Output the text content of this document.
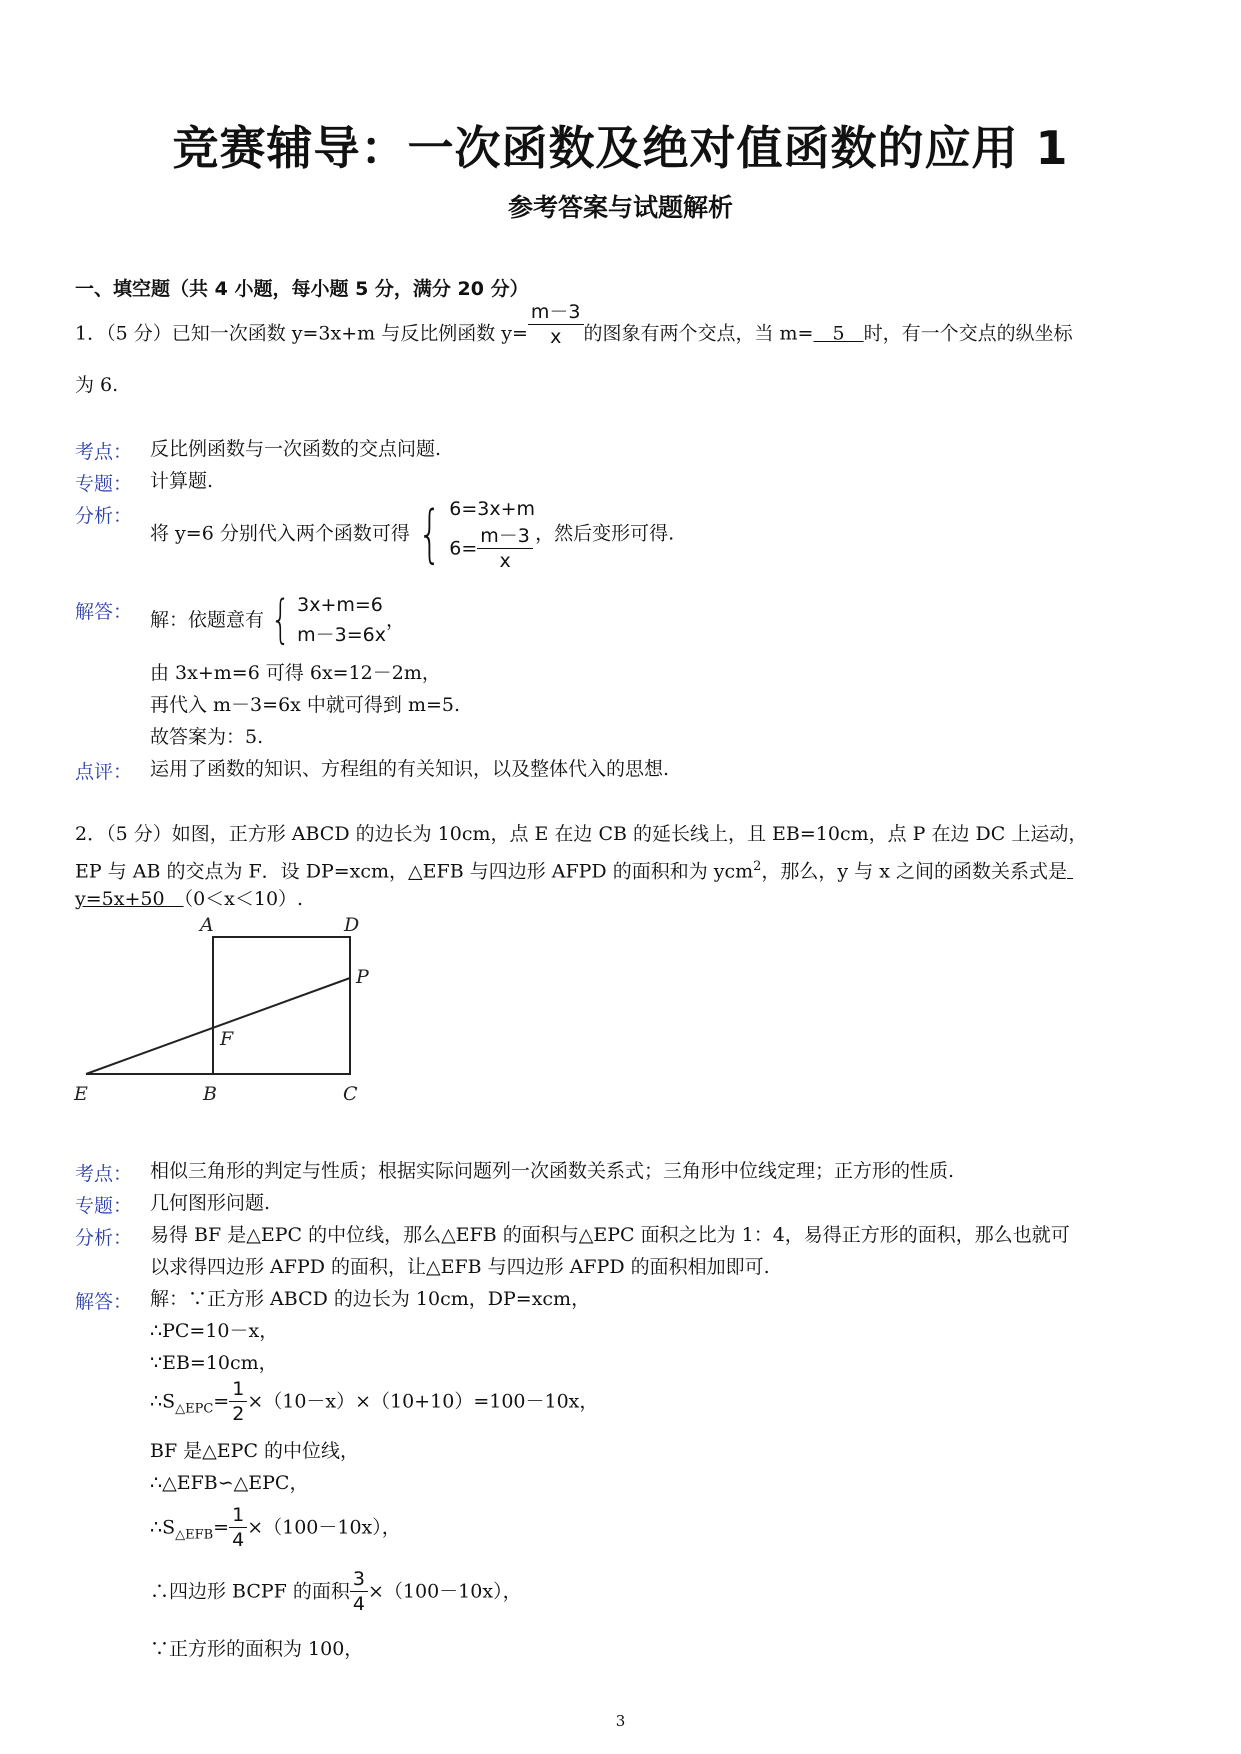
竞赛辅导：一次函数及绝对值函数的应用 1
参考答案与试题解析
一、填空题（共 4 小题，每小题 5 分，满分 20 分）
1．（5 分）已知一次函数 y=3x+m 与反比例函数 $y= \frac{m-3}{x}$ 的图象有两个交点，当 m=　5　时，有一个交点的纵坐标
为 6.
考点： 反比例函数与一次函数的交点问题.
专题： 计算题.
分析：
将 y=6 分别代入两个函数可得 { 6=3x+m
$6= \frac{m-3}{x}$ ，然后变形可得.
解答： 解：依题意有 { 3x+m=6
m－3=6x
，
由 3x+m=6 可得 6x=12－2m，
再代入 m－3=6x 中就可得到 m=5.
故答案为：5.
点评： 运用了函数的知识、方程组的有关知识，以及整体代入的思想.
2．（5 分）如图，正方形 ABCD 的边长为 10cm，点 E 在边 CB 的延长线上，且 EB=10cm，点 P 在边 DC 上运动，
EP 与 AB 的交点为 F．设 DP=xcm，△EFB 与四边形 AFPD 的面积和为 ycm$^2$，那么，y 与 x 之间的函数关系式是
y=5x+50　（0＜x＜10）.
A	D
P
F
E	B	C
考点： 相似三角形的判定与性质；根据实际问题列一次函数关系式；三角形中位线定理；正方形的性质.
专题： 几何图形问题.
分析： 易得 BF 是△EPC 的中位线，那么△EFB 的面积与△EPC 面积之比为 1：4，易得正方形的面积，那么也就可
以求得四边形 AFPD 的面积，让△EFB 与四边形 AFPD 的面积相加即可.
解答： 解：∵正方形 ABCD 的边长为 10cm，DP=xcm，
∴PC=10－x，
∵EB=10cm，
$\therefore S_{\triangle EPC}= \frac{1}{2} \times(10-x)\times(10+10)=100-10x$，
BF 是△EPC 的中位线，
∴△EFB∽△EPC，
$\therefore S_{\triangle EFB}= \frac{1}{4} \times(100-10x)$，
∴四边形 BCPF 的面积 $\frac{3}{4} \times(100-10x)$，
∵正方形的面积为 100，
3
